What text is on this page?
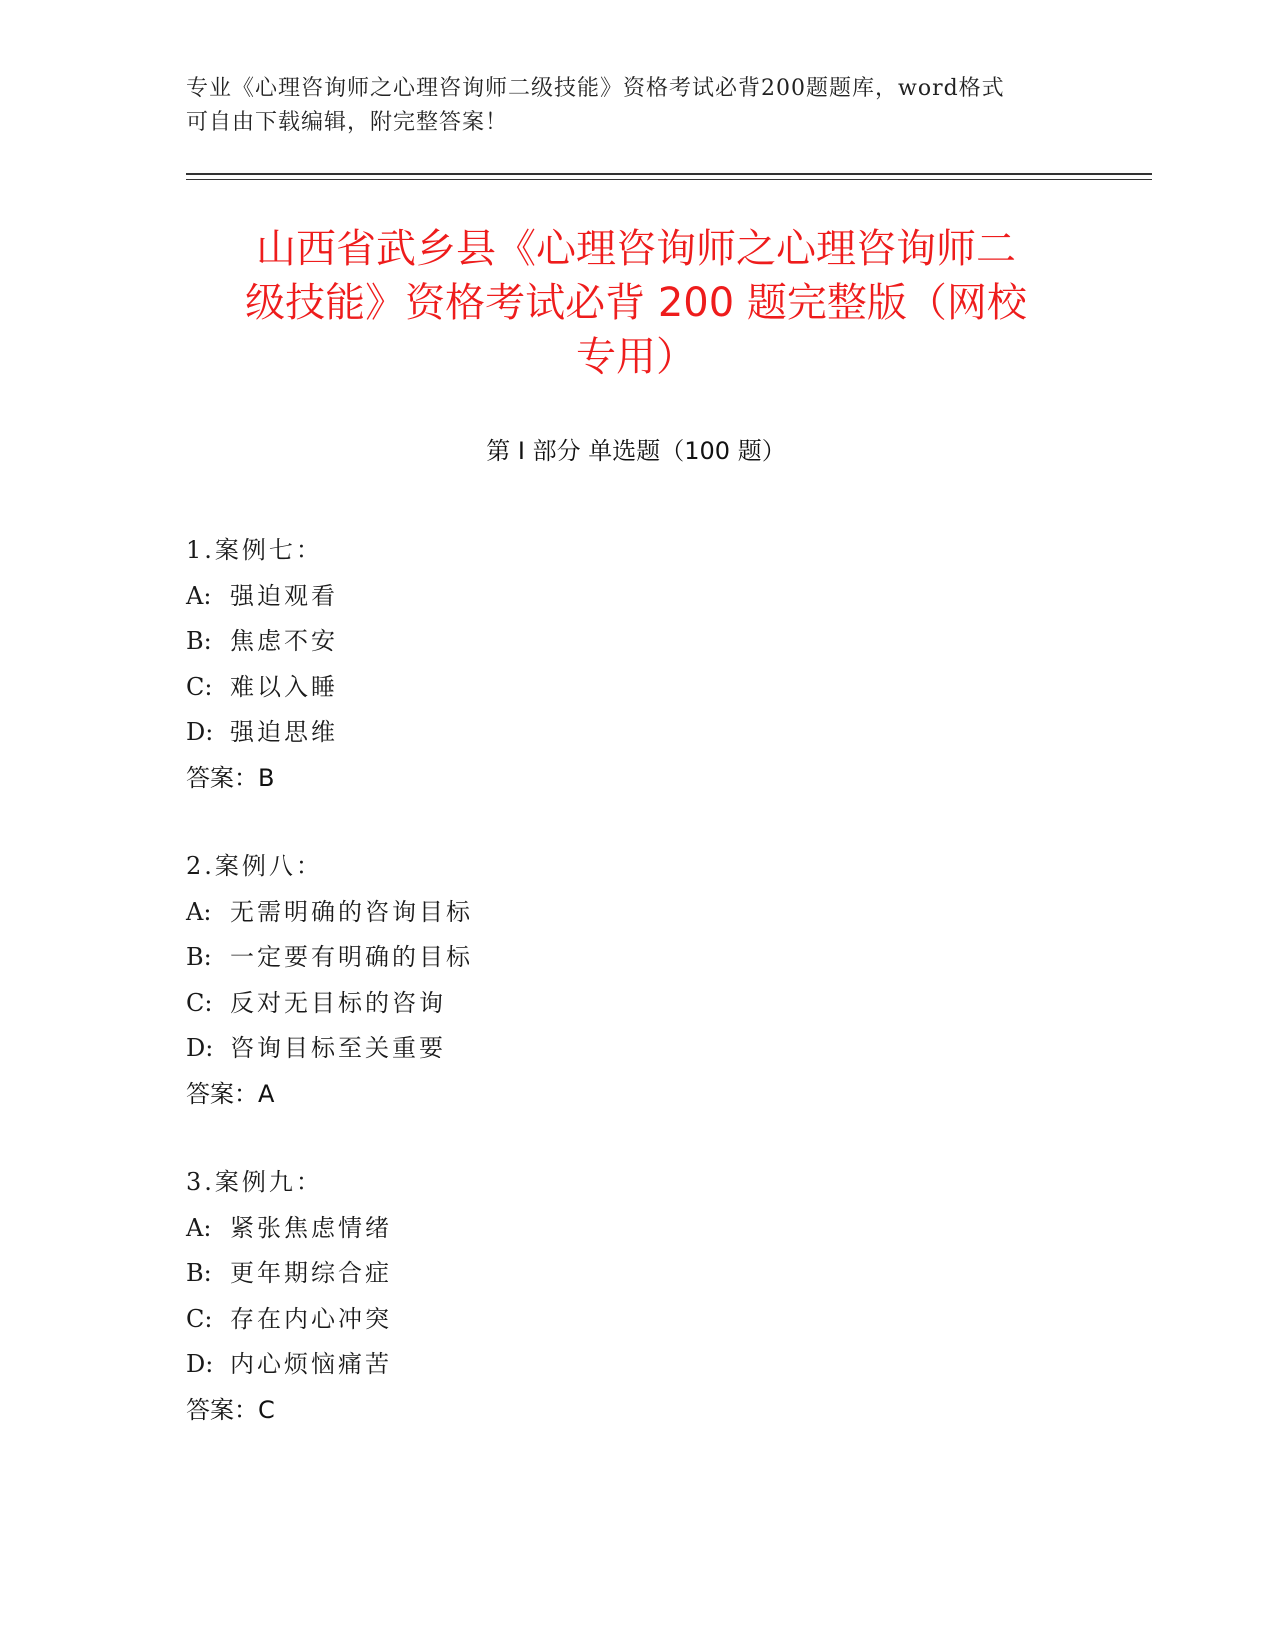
专业《心理咨询师之心理咨询师二级技能》资格考试必背200题题库，word格式
可自由下载编辑，附完整答案！
山西省武乡县《心理咨询师之心理咨询师二
级技能》资格考试必背 200 题完整版（网校
专用）
第 I 部分 单选题（100 题）
1.案例七：
A: 强迫观看
B: 焦虑不安
C: 难以入睡
D: 强迫思维
答案：B
2.案例八：
A: 无需明确的咨询目标
B: 一定要有明确的目标
C: 反对无目标的咨询
D: 咨询目标至关重要
答案：A
3.案例九：
A: 紧张焦虑情绪
B: 更年期综合症
C: 存在内心冲突
D: 内心烦恼痛苦
答案：C
